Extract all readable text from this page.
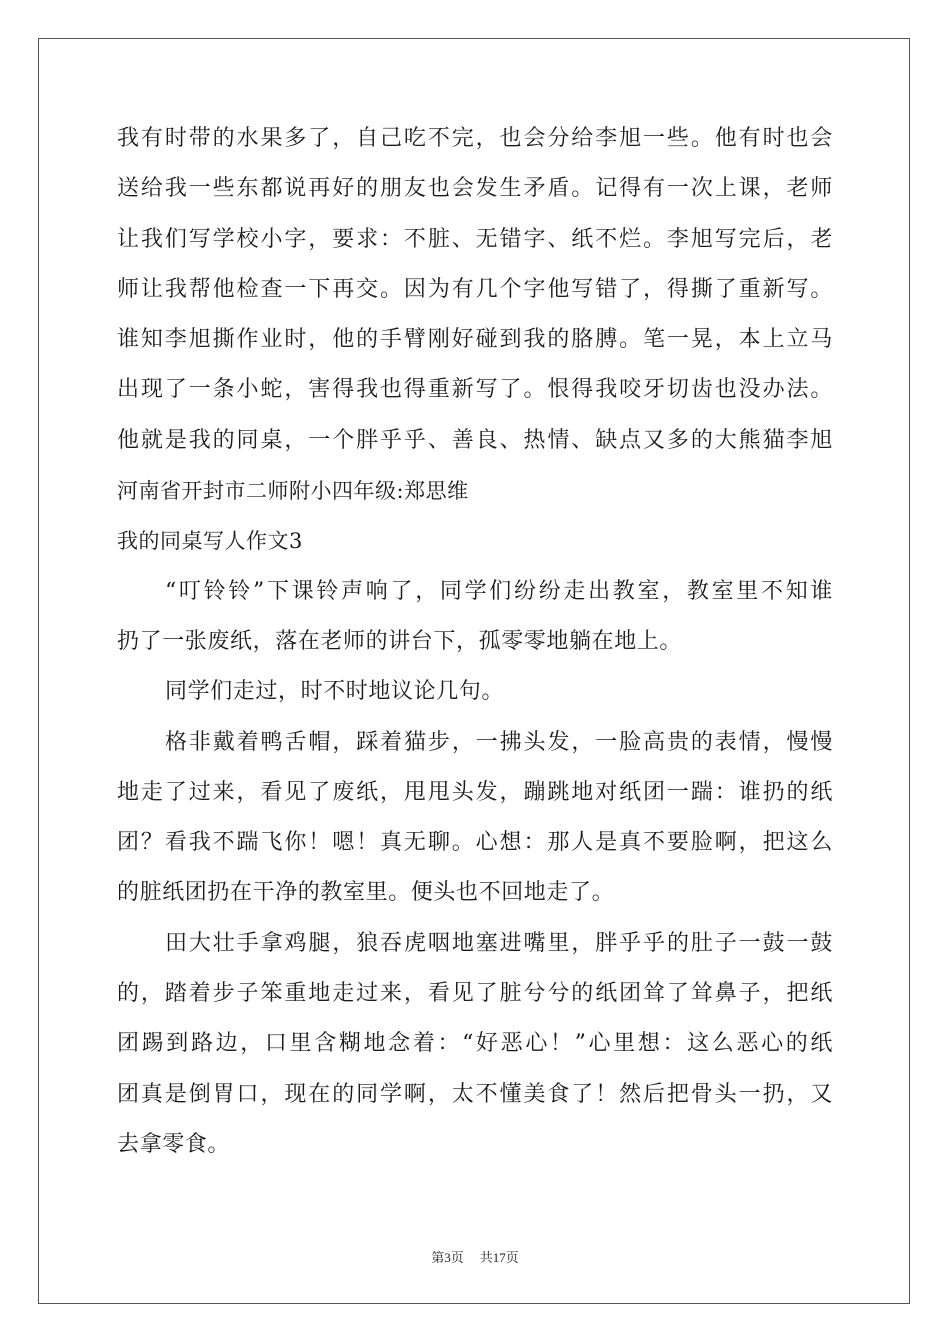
我有时带的水果多了，自己吃不完，也会分给李旭一些。他有时也会
送给我一些东都说再好的朋友也会发生矛盾。记得有一次上课，老师
让我们写学校小字，要求：不脏、无错字、纸不烂。李旭写完后，老
师让我帮他检查一下再交。因为有几个字他写错了，得撕了重新写。
谁知李旭撕作业时，他的手臂刚好碰到我的胳膊。笔一晃，本上立马
出现了一条小蛇，害得我也得重新写了。恨得我咬牙切齿也没办法。
他就是我的同桌，一个胖乎乎、善良、热情、缺点又多的大熊猫李旭
河南省开封市二师附小四年级:郑思维
我的同桌写人作文3
“叮铃铃”下课铃声响了，同学们纷纷走出教室，教室里不知谁
扔了一张废纸，落在老师的讲台下，孤零零地躺在地上。
同学们走过，时不时地议论几句。
格非戴着鸭舌帽，踩着猫步，一拂头发，一脸高贵的表情，慢慢
地走了过来，看见了废纸，甩甩头发，蹦跳地对纸团一踹：谁扔的纸
团？看我不踹飞你！嗯！真无聊。心想：那人是真不要脸啊，把这么
的脏纸团扔在干净的教室里。便头也不回地走了。
田大壮手拿鸡腿，狼吞虎咽地塞进嘴里，胖乎乎的肚子一鼓一鼓
的，踏着步子笨重地走过来，看见了脏兮兮的纸团耸了耸鼻子，把纸
团踢到路边，口里含糊地念着：“好恶心！”心里想：这么恶心的纸
团真是倒胃口，现在的同学啊，太不懂美食了！然后把骨头一扔，又
去拿零食。
第3页 共17页
